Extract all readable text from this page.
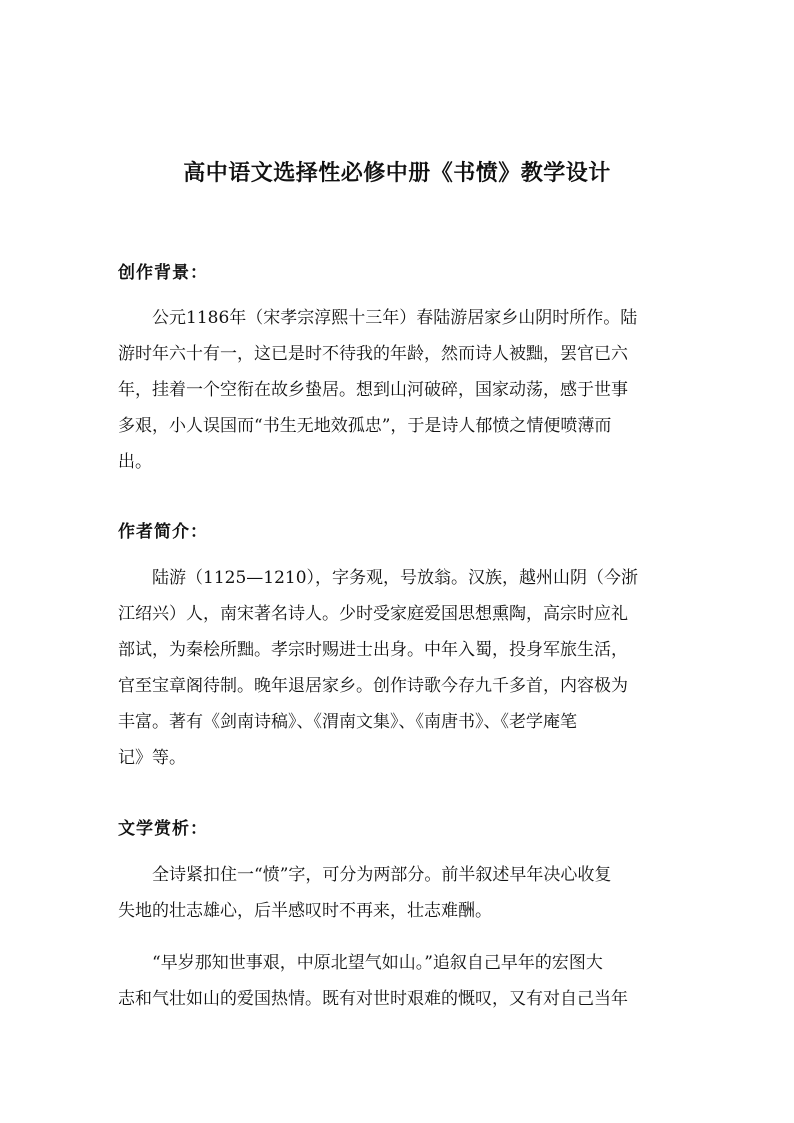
高中语文选择性必修中册《书愤》教学设计
创作背景：
公元1186年（宋孝宗淳熙十三年）春陆游居家乡山阴时所作。陆
游时年六十有一，这已是时不待我的年龄，然而诗人被黜，罢官已六
年，挂着一个空衔在故乡蛰居。想到山河破碎，国家动荡，感于世事
多艰，小人误国而“书生无地效孤忠”，于是诗人郁愤之情便喷薄而
出。
作者简介：
陆游（1125—1210），字务观，号放翁。汉族，越州山阴（今浙
江绍兴）人，南宋著名诗人。少时受家庭爱国思想熏陶，高宗时应礼
部试，为秦桧所黜。孝宗时赐进士出身。中年入蜀，投身军旅生活，
官至宝章阁待制。晚年退居家乡。创作诗歌今存九千多首，内容极为
丰富。著有《剑南诗稿》、《渭南文集》、《南唐书》、《老学庵笔
记》等。
文学赏析：
全诗紧扣住一“愤”字，可分为两部分。前半叙述早年决心收复
失地的壮志雄心，后半感叹时不再来，壮志难酬。
“早岁那知世事艰，中原北望气如山。”追叙自己早年的宏图大
志和气壮如山的爱国热情。既有对世时艰难的慨叹，又有对自己当年
